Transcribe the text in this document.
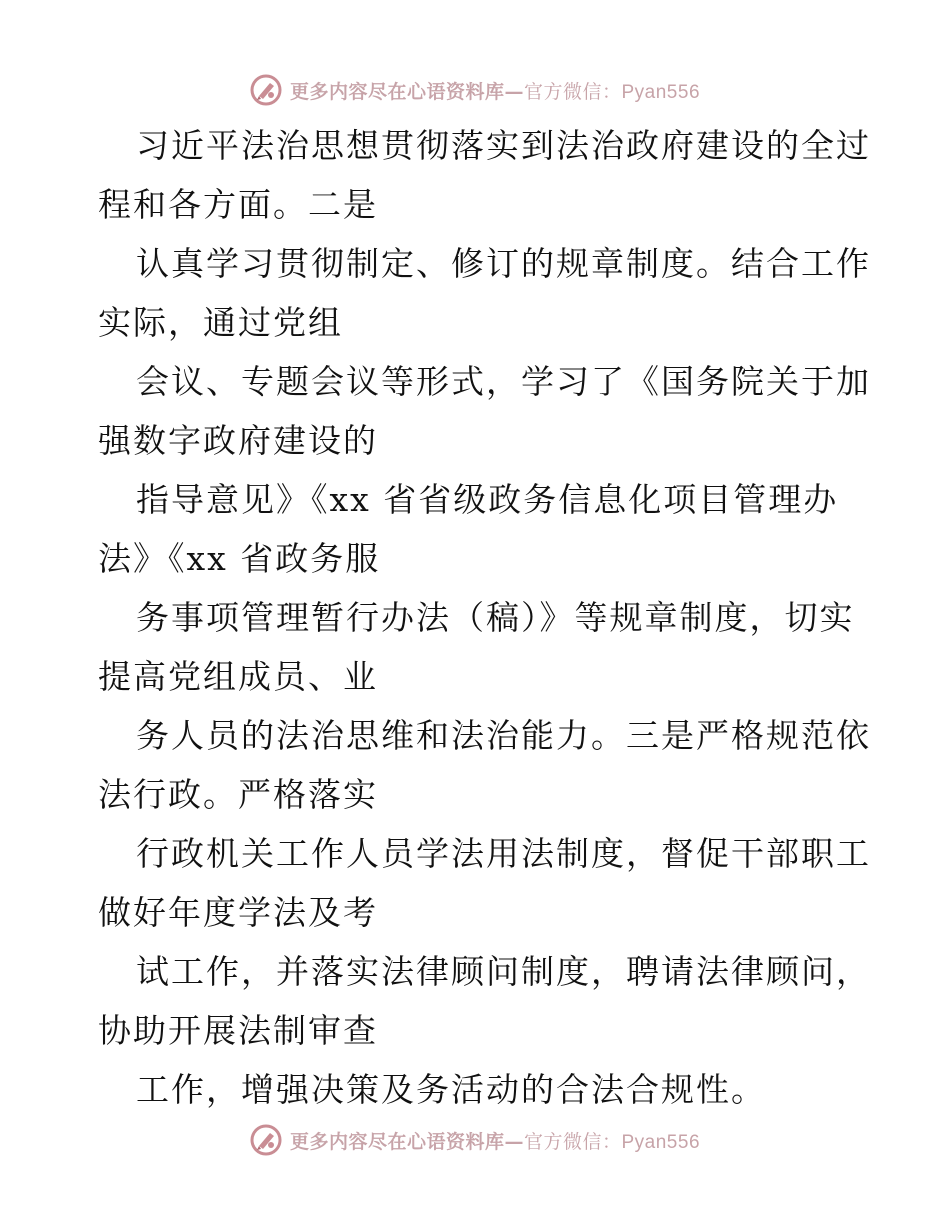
更多内容尽在心语资料库—官方微信：Pyan556
习近平法治思想贯彻落实到法治政府建设的全过
程和各方面。二是
认真学习贯彻制定、修订的规章制度。结合工作
实际，通过党组
会议、专题会议等形式，学习了《国务院关于加
强数字政府建设的
指导意见》《xx 省省级政务信息化项目管理办
法》《xx 省政务服
务事项管理暂行办法（稿）》等规章制度，切实
提高党组成员、业
务人员的法治思维和法治能力。三是严格规范依
法行政。严格落实
行政机关工作人员学法用法制度，督促干部职工
做好年度学法及考
试工作，并落实法律顾问制度，聘请法律顾问，
协助开展法制审查
工作，增强决策及务活动的合法合规性。
更多内容尽在心语资料库—官方微信：Pyan556
